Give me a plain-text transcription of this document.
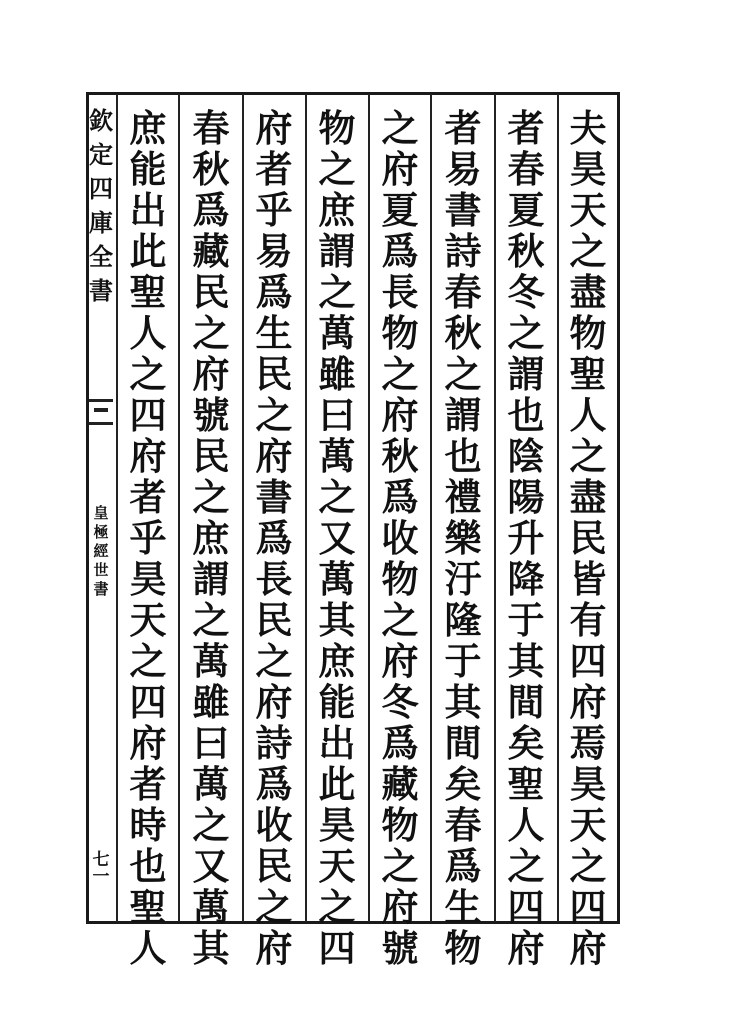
欽
定
四
庫
全
書
皇
極
經
世
書
七
一
夫
昊
天
之
盡
物
聖
人
之
盡
民
皆
有
四
府
焉
昊
天
之
四
府
者
春
夏
秋
冬
之
謂
也
陰
陽
升
降
于
其
間
矣
聖
人
之
四
府
者
易
書
詩
春
秋
之
謂
也
禮
樂
汙
隆
于
其
間
矣
春
爲
生
物
之
府
夏
爲
長
物
之
府
秋
爲
收
物
之
府
冬
爲
藏
物
之
府
號
物
之
庶
謂
之
萬
雖
曰
萬
之
又
萬
其
庶
能
出
此
昊
天
之
四
府
者
乎
易
爲
生
民
之
府
書
爲
長
民
之
府
詩
爲
收
民
之
府
春
秋
爲
藏
民
之
府
號
民
之
庶
謂
之
萬
雖
曰
萬
之
又
萬
其
庶
能
出
此
聖
人
之
四
府
者
乎
昊
天
之
四
府
者
時
也
聖
人
